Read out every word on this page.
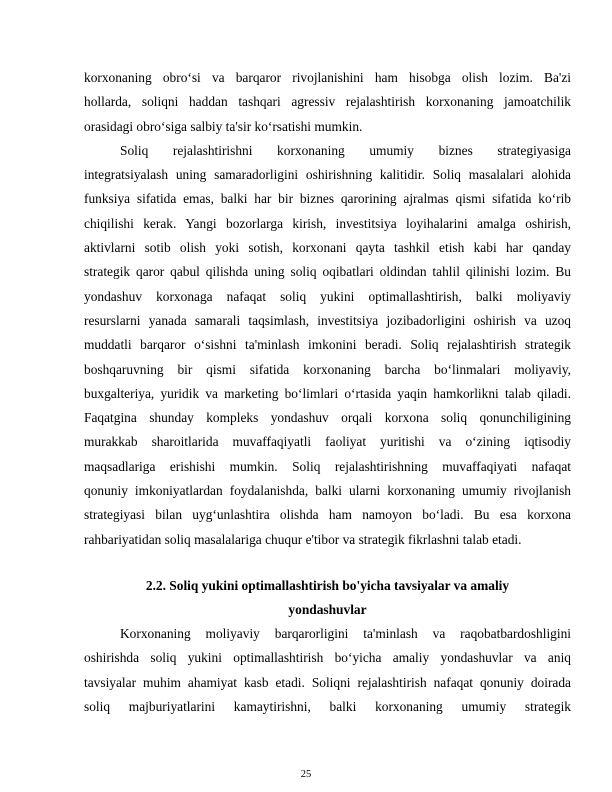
korxonaning obroʻsi va barqaror rivojlanishini ham hisobga olish lozim. Ba'zi
hollarda, soliqni haddan tashqari agressiv rejalashtirish korxonaning jamoatchilik
orasidagi obroʻsiga salbiy ta'sir koʻrsatishi mumkin.
Soliq rejalashtirishni korxonaning umumiy biznes strategiyasiga
integratsiyalash uning samaradorligini oshirishning kalitidir. Soliq masalalari alohida
funksiya sifatida emas, balki har bir biznes qarorining ajralmas qismi sifatida koʻrib
chiqilishi kerak. Yangi bozorlarga kirish, investitsiya loyihalarini amalga oshirish,
aktivlarni sotib olish yoki sotish, korxonani qayta tashkil etish kabi har qanday
strategik qaror qabul qilishda uning soliq oqibatlari oldindan tahlil qilinishi lozim. Bu
yondashuv korxonaga nafaqat soliq yukini optimallashtirish, balki moliyaviy
resurslarni yanada samarali taqsimlash, investitsiya jozibadorligini oshirish va uzoq
muddatli barqaror oʻsishni ta'minlash imkonini beradi. Soliq rejalashtirish strategik
boshqaruvning bir qismi sifatida korxonaning barcha boʻlinmalari moliyaviy,
buxgalteriya, yuridik va marketing boʻlimlari oʻrtasida yaqin hamkorlikni talab qiladi.
Faqatgina shunday kompleks yondashuv orqali korxona soliq qonunchiligining
murakkab sharoitlarida muvaffaqiyatli faoliyat yuritishi va oʻzining iqtisodiy
maqsadlariga erishishi mumkin. Soliq rejalashtirishning muvaffaqiyati nafaqat
qonuniy imkoniyatlardan foydalanishda, balki ularni korxonaning umumiy rivojlanish
strategiyasi bilan uygʻunlashtira olishda ham namoyon boʻladi. Bu esa korxona
rahbariyatidan soliq masalalariga chuqur e'tibor va strategik fikrlashni talab etadi.
2.2. Soliq yukini optimallashtirish bo'yicha tavsiyalar va amaliy
yondashuvlar
Korxonaning moliyaviy barqarorligini ta'minlash va raqobatbardoshligini
oshirishda soliq yukini optimallashtirish boʻyicha amaliy yondashuvlar va aniq
tavsiyalar muhim ahamiyat kasb etadi. Soliqni rejalashtirish nafaqat qonuniy doirada
soliq majburiyatlarini kamaytirishni, balki korxonaning umumiy strategik
25
